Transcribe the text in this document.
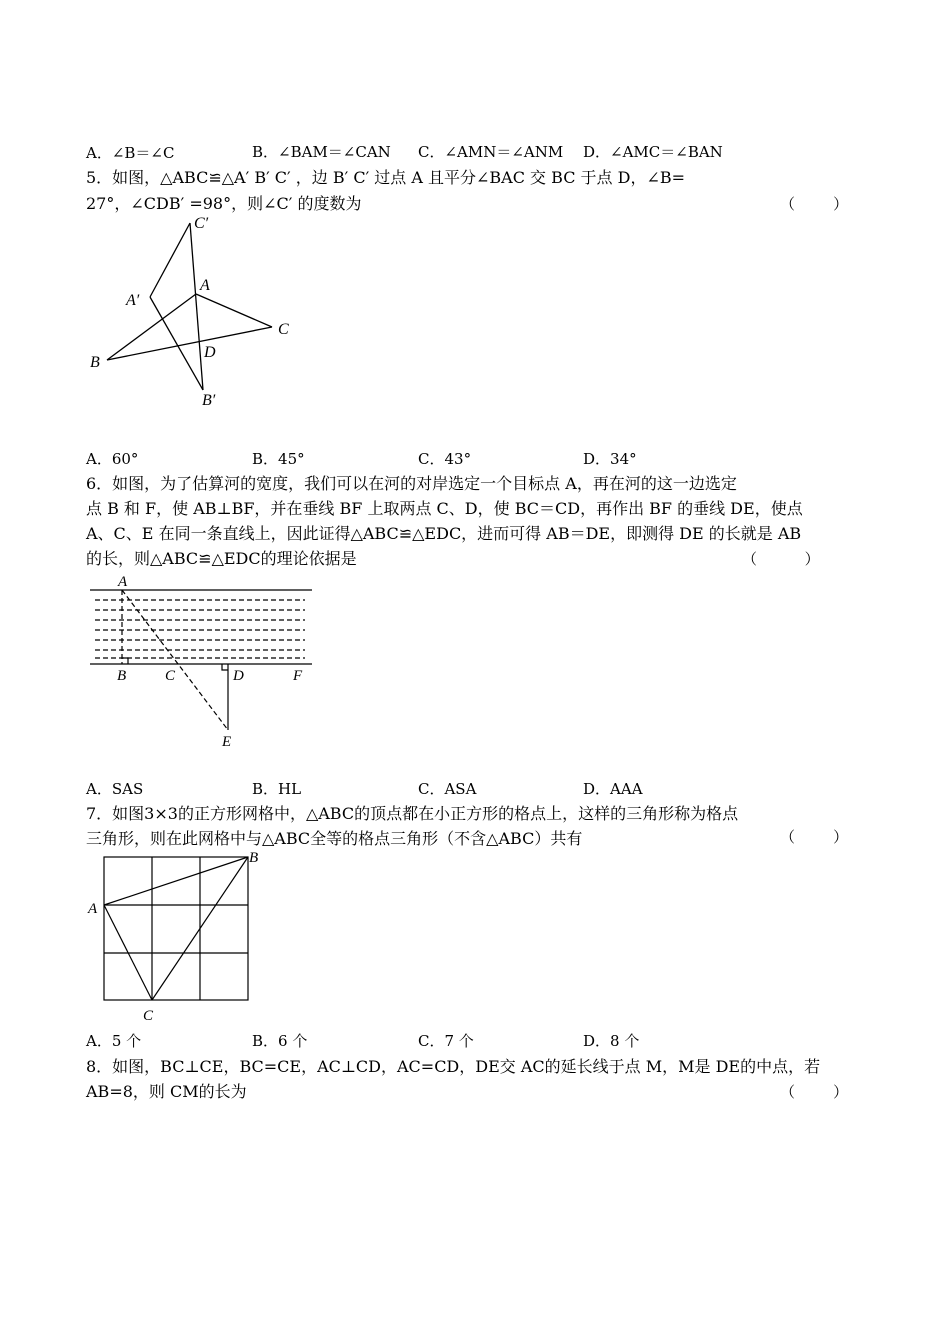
A．∠B＝∠C	B．∠BAM＝∠CAN C．∠AMN＝∠ANM D．∠AMC＝∠BAN
5．如图，△ABC≌△A′ B′ C′ ，边 B′ C′ 过点 A 且平分∠BAC 交 BC 于点 D，∠B=
27°，∠CDB′ =98°，则∠C′ 的度数为	（        ）
C′
A
A′
C
D
B
B′
A．60°	B．45°	C．43°	D．34°
6．如图，为了估算河的宽度，我们可以在河的对岸选定一个目标点 A，再在河的这一边选定
点 B 和 F，使 AB⊥BF，并在垂线 BF 上取两点 C、D，使 BC＝CD，再作出 BF 的垂线 DE，使点
A、C、E 在同一条直线上，因此证得△ABC≌△EDC，进而可得 AB＝DE，即测得 DE 的长就是 AB
的长，则△ABC≌△EDC的理论依据是	（          ）
A
B	C	D	F
E
A．SAS	B．HL	C．ASA	D．AAA
7．如图3×3的正方形网格中，△ABC的顶点都在小正方形的格点上，这样的三角形称为格点
三角形，则在此网格中与△ABC全等的格点三角形（不含△ABC）共有	（        ）
A
B
C
A．5 个	B．6 个	C．7 个	D．8 个
8．如图，BC⊥CE，BC=CE，AC⊥CD，AC=CD，DE交 AC的延长线于点 M，M是 DE的中点，若
AB=8，则 CM的长为	（        ）
